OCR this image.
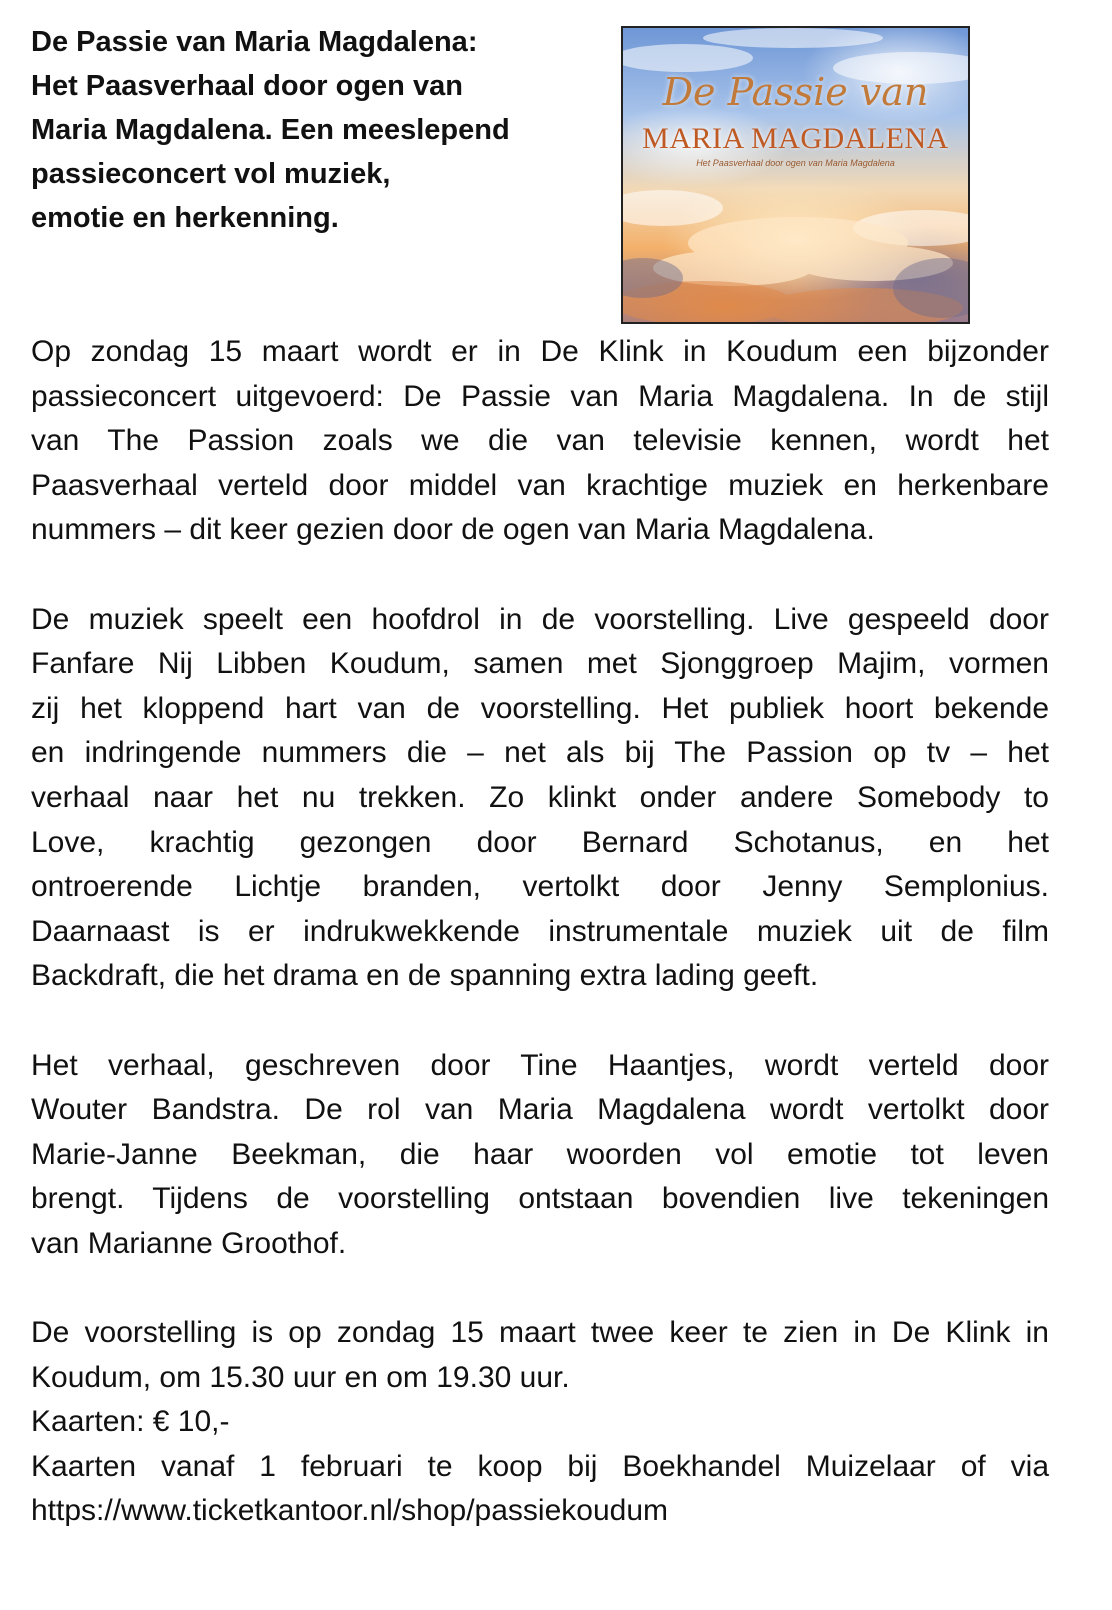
De Passie van Maria Magdalena:
Het Paasverhaal door ogen van
Maria Magdalena. Een meeslepend
passieconcert vol muziek,
emotie en herkenning.
De Passie van
MARIA MAGDALENA
Het Paasverhaal door ogen van Maria Magdalena

Op zondag 15 maart wordt er in De Klink in Koudum een bijzonder
passieconcert uitgevoerd: De Passie van Maria Magdalena. In de stijl
van The Passion zoals we die van televisie kennen, wordt het
Paasverhaal verteld door middel van krachtige muziek en herkenbare
nummers – dit keer gezien door de ogen van Maria Magdalena.

De muziek speelt een hoofdrol in de voorstelling. Live gespeeld door
Fanfare Nij Libben Koudum, samen met Sjonggroep Majim, vormen
zij het kloppend hart van de voorstelling. Het publiek hoort bekende
en indringende nummers die – net als bij The Passion op tv – het
verhaal naar het nu trekken. Zo klinkt onder andere Somebody to
Love, krachtig gezongen door Bernard Schotanus, en het
ontroerende Lichtje branden, vertolkt door Jenny Semplonius.
Daarnaast is er indrukwekkende instrumentale muziek uit de film
Backdraft, die het drama en de spanning extra lading geeft.

Het verhaal, geschreven door Tine Haantjes, wordt verteld door
Wouter Bandstra. De rol van Maria Magdalena wordt vertolkt door
Marie-Janne Beekman, die haar woorden vol emotie tot leven
brengt. Tijdens de voorstelling ontstaan bovendien live tekeningen
van Marianne Groothof.

De voorstelling is op zondag 15 maart twee keer te zien in De Klink in
Koudum, om 15.30 uur en om 19.30 uur.
Kaarten: € 10,-
Kaarten vanaf 1 februari te koop bij Boekhandel Muizelaar of via
https://www.ticketkantoor.nl/shop/passiekoudum
